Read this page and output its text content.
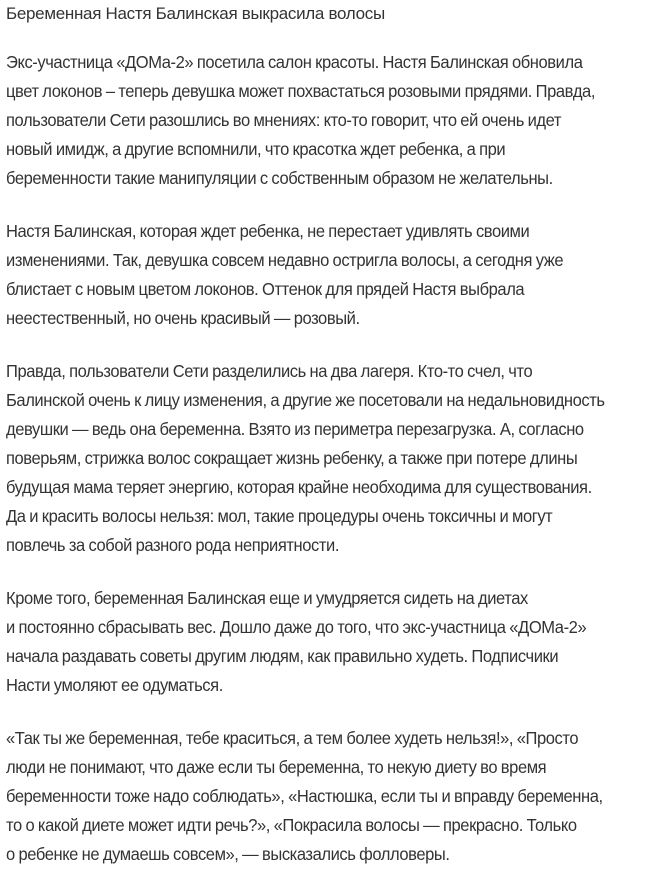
Беременная Настя Балинская выкрасила волосы
Экс-участница «ДОМа-2» посетила салон красоты. Настя Балинская обновила
цвет локонов – теперь девушка может похвастаться розовыми прядями. Правда,
пользователи Сети разошлись во мнениях: кто-то говорит, что ей очень идет
новый имидж, а другие вспомнили, что красотка ждет ребенка, а при
беременности такие манипуляции с собственным образом не желательны.
Настя Балинская, которая ждет ребенка, не перестает удивлять своими
изменениями. Так, девушка совсем недавно остригла волосы, а сегодня уже
блистает с новым цветом локонов. Оттенок для прядей Настя выбрала
неестественный, но очень красивый — розовый.
Правда, пользователи Сети разделились на два лагеря. Кто-то счел, что
Балинской очень к лицу изменения, а другие же посетовали на недальновидность
девушки — ведь она беременна. Взято из периметра перезагрузка. А, согласно
поверьям, стрижка волос сокращает жизнь ребенку, а также при потере длины
будущая мама теряет энергию, которая крайне необходима для существования.
Да и красить волосы нельзя: мол, такие процедуры очень токсичны и могут
повлечь за собой разного рода неприятности.
Кроме того, беременная Балинская еще и умудряется сидеть на диетах
и постоянно сбрасывать вес. Дошло даже до того, что экс-участница «ДОМа-2»
начала раздавать советы другим людям, как правильно худеть. Подписчики
Насти умоляют ее одуматься.
«Так ты же беременная, тебе краситься, а тем более худеть нельзя!», «Просто
люди не понимают, что даже если ты беременна, то некую диету во время
беременности тоже надо соблюдать», «Настюшка, если ты и вправду беременна,
то о какой диете может идти речь?», «Покрасила волосы — прекрасно. Только
о ребенке не думаешь совсем», — высказались фолловеры.
